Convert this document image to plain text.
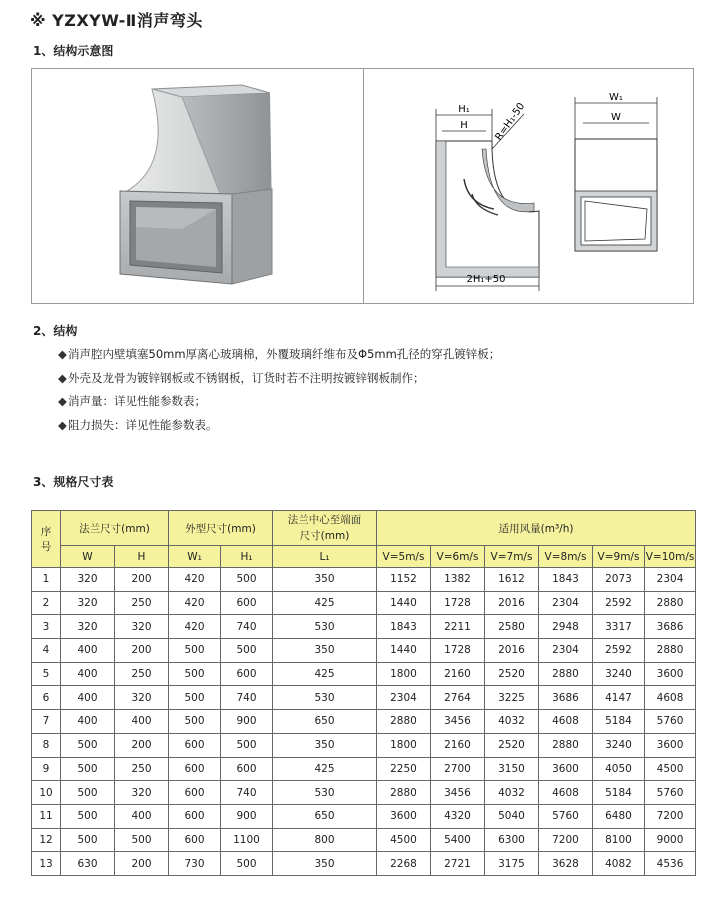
※ YZXYW-Ⅱ消声弯头
1、结构示意图
H₁
H	R=H₁-50
2H₁+50
W₁
W
2、结构
◆消声腔内壁填塞50mm厚离心玻璃棉，外覆玻璃纤维布及Φ5mm孔径的穿孔镀锌板；
◆外壳及龙骨为镀锌钢板或不锈钢板，订货时若不注明按镀锌钢板制作；
◆消声量：详见性能参数表；
◆阻力损失：详见性能参数表。
3、规格尺寸表
序号	法兰尺寸(mm)		外型尺寸(mm)		法兰中心至端面尺寸(mm)	适用风量(m³/h)					
	W	H	W₁	H₁	L₁	V=5m/s	V=6m/s	V=7m/s	V=8m/s	V=9m/s	V=10m/s
1	320	200	420	500	350	1152	1382	1612	1843	2073	2304
2	320	250	420	600	425	1440	1728	2016	2304	2592	2880
3	320	320	420	740	530	1843	2211	2580	2948	3317	3686
4	400	200	500	500	350	1440	1728	2016	2304	2592	2880
5	400	250	500	600	425	1800	2160	2520	2880	3240	3600
6	400	320	500	740	530	2304	2764	3225	3686	4147	4608
7	400	400	500	900	650	2880	3456	4032	4608	5184	5760
8	500	200	600	500	350	1800	2160	2520	2880	3240	3600
9	500	250	600	600	425	2250	2700	3150	3600	4050	4500
10	500	320	600	740	530	2880	3456	4032	4608	5184	5760
11	500	400	600	900	650	3600	4320	5040	5760	6480	7200
12	500	500	600	1100	800	4500	5400	6300	7200	8100	9000
13	630	200	730	500	350	2268	2721	3175	3628	4082	4536
